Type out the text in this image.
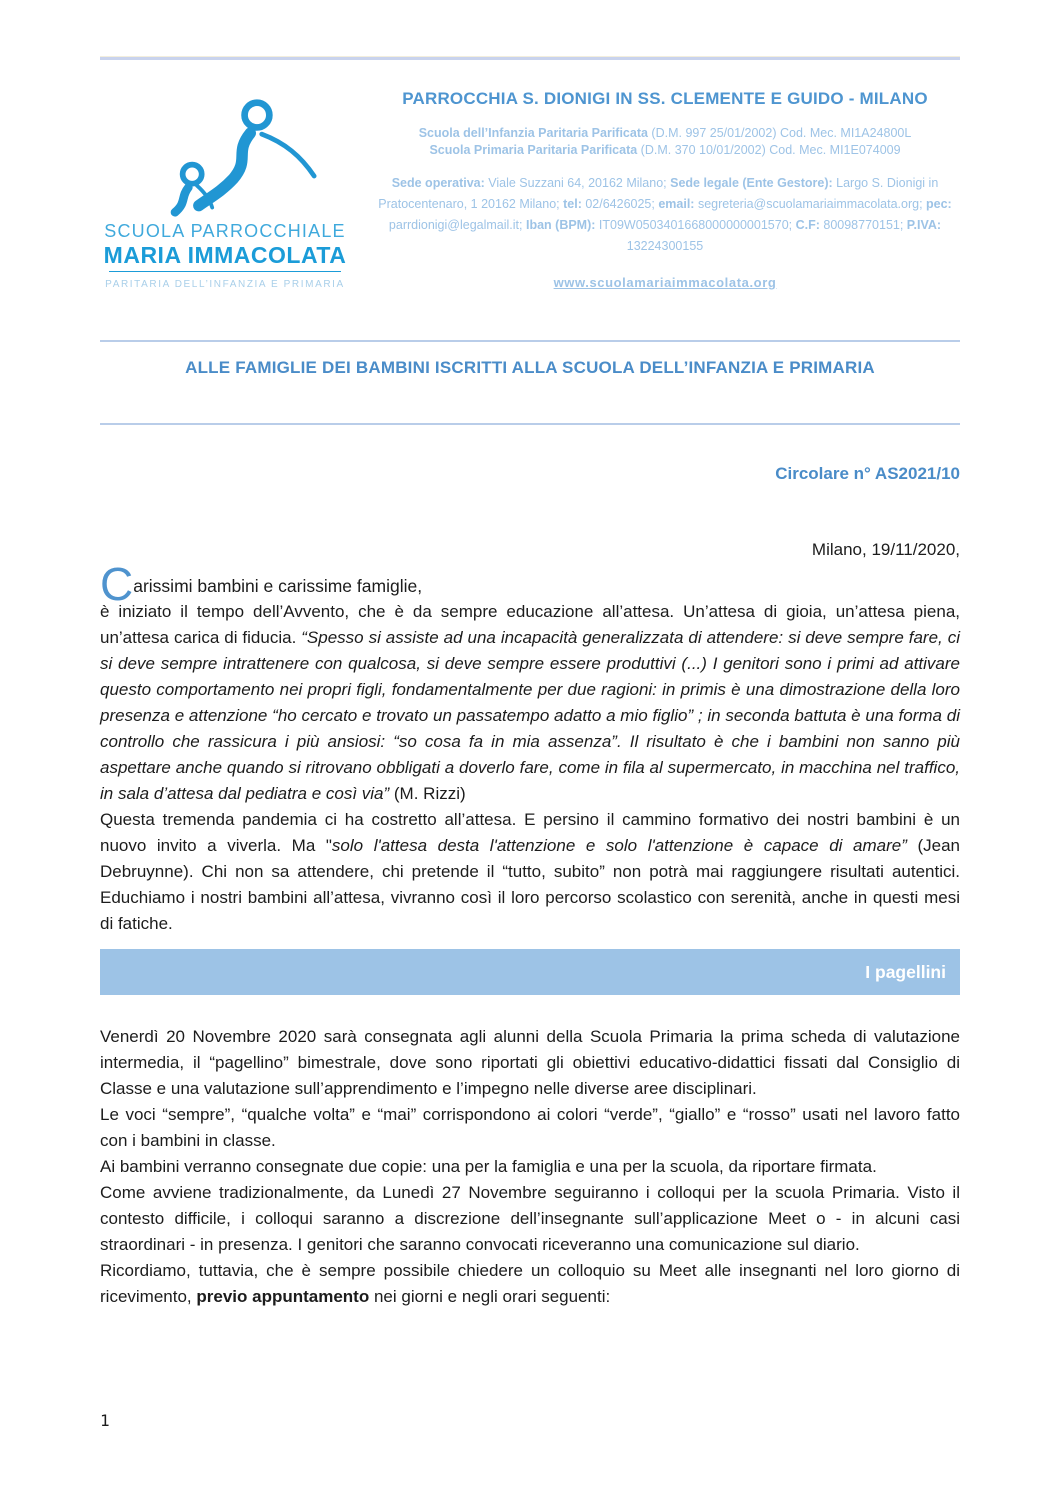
SCUOLA PARROCCHIALE
MARIA IMMACOLATA
PARITARIA DELL’INFANZIA E PRIMARIA
PARROCCHIA S. DIONIGI IN SS. CLEMENTE E GUIDO - MILANO
Scuola dell’Infanzia Paritaria Parificata (D.M. 997 25/01/2002) Cod. Mec. MI1A24800L
Scuola Primaria Paritaria Parificata (D.M. 370 10/01/2002) Cod. Mec. MI1E074009
Sede operativa: Viale Suzzani 64, 20162 Milano; Sede legale (Ente Gestore): Largo S. Dionigi in Pratocentenaro, 1 20162 Milano; tel: 02/6426025; email: segreteria@scuolamariaimmacolata.org; pec: parrdionigi@legalmail.it; Iban (BPM): IT09W0503401668000000001570; C.F: 80098770151; P.IVA: 13224300155
www.scuolamariaimmacolata.org
ALLE FAMIGLIE DEI BAMBINI ISCRITTI ALLA SCUOLA DELL’INFANZIA E PRIMARIA
Circolare n° AS2021/10
Milano, 19/11/2020,
Carissimi bambini e carissime famiglie,
è iniziato il tempo dell’Avvento, che è da sempre educazione all’attesa. Un’attesa di gioia, un’attesa piena, un’attesa carica di fiducia. “Spesso si assiste ad una incapacità generalizzata di attendere: si deve sempre fare, ci si deve sempre intrattenere con qualcosa, si deve sempre essere produttivi (...) I genitori sono i primi ad attivare questo comportamento nei propri figli, fondamentalmente per due ragioni: in primis è una dimostrazione della loro presenza e attenzione “ho cercato e trovato un passatempo adatto a mio figlio” ; in seconda battuta è una forma di controllo che rassicura i più ansiosi: “so cosa fa in mia assenza”. Il risultato è che i bambini non sanno più aspettare anche quando si ritrovano obbligati a doverlo fare, come in fila al supermercato, in macchina nel traffico, in sala d’attesa dal pediatra e così via” (M. Rizzi)
Questa tremenda pandemia ci ha costretto all’attesa. E persino il cammino formativo dei nostri bambini è un nuovo invito a viverla. Ma "solo l'attesa desta l'attenzione e solo l'attenzione è capace di amare” (Jean Debruynne). Chi non sa attendere, chi pretende il “tutto, subito” non potrà mai raggiungere risultati autentici. Educhiamo i nostri bambini all’attesa, vivranno così il loro percorso scolastico con serenità, anche in questi mesi di fatiche.
I pagellini
Venerdì 20 Novembre 2020 sarà consegnata agli alunni della Scuola Primaria la prima scheda di valutazione intermedia, il “pagellino” bimestrale, dove sono riportati gli obiettivi educativo-didattici fissati dal Consiglio di Classe e una valutazione sull’apprendimento e l’impegno nelle diverse aree disciplinari.
Le voci “sempre”, “qualche volta” e “mai” corrispondono ai colori “verde”, “giallo” e “rosso” usati nel lavoro fatto con i bambini in classe.
Ai bambini verranno consegnate due copie: una per la famiglia e una per la scuola, da riportare firmata.
Come avviene tradizionalmente, da Lunedì 27 Novembre seguiranno i colloqui per la scuola Primaria. Visto il contesto difficile, i colloqui saranno a discrezione dell’insegnante sull’applicazione Meet o - in alcuni casi straordinari - in presenza. I genitori che saranno convocati riceveranno una comunicazione sul diario.
Ricordiamo, tuttavia, che è sempre possibile chiedere un colloquio su Meet alle insegnanti nel loro giorno di ricevimento, previo appuntamento nei giorni e negli orari seguenti:
1
